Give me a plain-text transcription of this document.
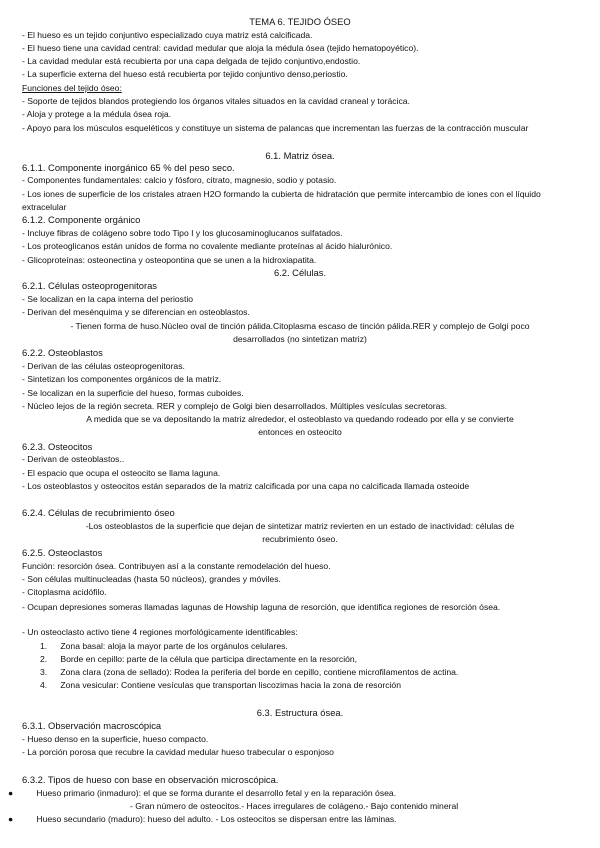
TEMA 6. TEJIDO ÓSEO
- El hueso es un tejido conjuntivo especializado cuya matriz está calcificada.
- El hueso tiene una cavidad central: cavidad medular que aloja la médula ósea (tejido hematopoyético).
- La cavidad medular está recubierta por una capa delgada de tejido conjuntivo,endostio.
- La superficie externa del hueso está recubierta por tejido conjuntivo denso,periostio.
Funciones del tejido óseo:
- Soporte de tejidos blandos protegiendo los órganos vitales situados en la cavidad craneal y torácica.
- Aloja y protege a la médula ósea roja.
- Apoyo para los músculos esqueléticos y constituye un sistema de palancas que incrementan las fuerzas de la contracción muscular
6.1. Matriz ósea.
6.1.1. Componente inorgánico 65 % del peso seco.
- Componentes fundamentales: calcio y fósforo, citrato, magnesio, sodio y potasio.
- Los iones de superficie de los cristales atraen H2O formando la cubierta de hidratación que permite intercambio de iones con el líquido extracelular
6.1.2. Componente orgánico
- Incluye fibras de colágeno sobre todo Tipo I y los glucosaminoglucanos sulfatados.
- Los proteoglicanos están unidos de forma no covalente mediante proteínas al ácido hialurónico.
- Glicoproteínas: osteonectina y osteopontina que se unen a la hidroxiapatita.
6.2. Células.
6.2.1. Células osteoprogenitoras
- Se localizan en la capa interna del periostio
- Derivan del mesénquima y se diferencian en osteoblastos.
- Tienen forma de huso.Núcleo oval de tinción pálida.Citoplasma escaso de tinción pálida.RER y complejo de Golgi poco
desarrollados (no sintetizan matriz)
6.2.2. Osteoblastos
- Derivan de las células osteoprogenitoras.
- Sintetizan los componentes orgánicos de la matriz.
- Se localizan en la superficie del hueso, formas cuboides.
- Núcleo lejos de la región secreta. RER y complejo de Golgi bien desarrollados. Múltiples vesículas secretoras.
A medida que se va depositando la matriz alrededor, el osteoblasto va quedando rodeado por ella y se convierte
entonces en osteocito
6.2.3. Osteocitos
- Derivan de osteoblastos..
- El espacio que ocupa el osteocito se llama laguna.
- Los osteoblastos y osteocitos están separados de la matriz calcificada por una capa no calcificada llamada osteoide
6.2.4. Células de recubrimiento óseo
-Los osteoblastos de la superficie que dejan de sintetizar matriz revierten en un estado de inactividad: células de
recubrimiento óseo.
6.2.5. Osteoclastos
Función: resorción ósea. Contribuyen así a la constante remodelación del hueso.
- Son células multinucleadas (hasta 50 núcleos), grandes y móviles.
- Citoplasma acidófilo.
- Ocupan depresiones someras llamadas lagunas de Howship laguna de resorción, que identifica regiones de resorción ósea.
- Un osteoclasto activo tiene 4 regiones morfológicamente identificables:
1. Zona basal: aloja la mayor parte de los orgánulos celulares.
2. Borde en cepillo: parte de la célula que participa directamente en la resorción,
3. Zona clara (zona de sellado): Rodea la periferia del borde en cepillo, contiene microfilamentos de actina.
4. Zona vesicular: Contiene vesículas que transportan liscozimas hacia la zona de resorción
6.3. Estructura ósea.
6.3.1. Observación macroscópica
- Hueso denso en la superficie, hueso compacto.
- La porción porosa que recubre la cavidad medular hueso trabecular o esponjoso
6.3.2. Tipos de hueso con base en observación microscópica.
●	Hueso primario (inmaduro): el que se forma durante el desarrollo fetal y en la reparación ósea.
- Gran número de osteocitos.- Haces irregulares de colágeno.- Bajo contenido mineral
●	Hueso secundario (maduro): hueso del adulto. - Los osteocitos se dispersan entre las láminas.
